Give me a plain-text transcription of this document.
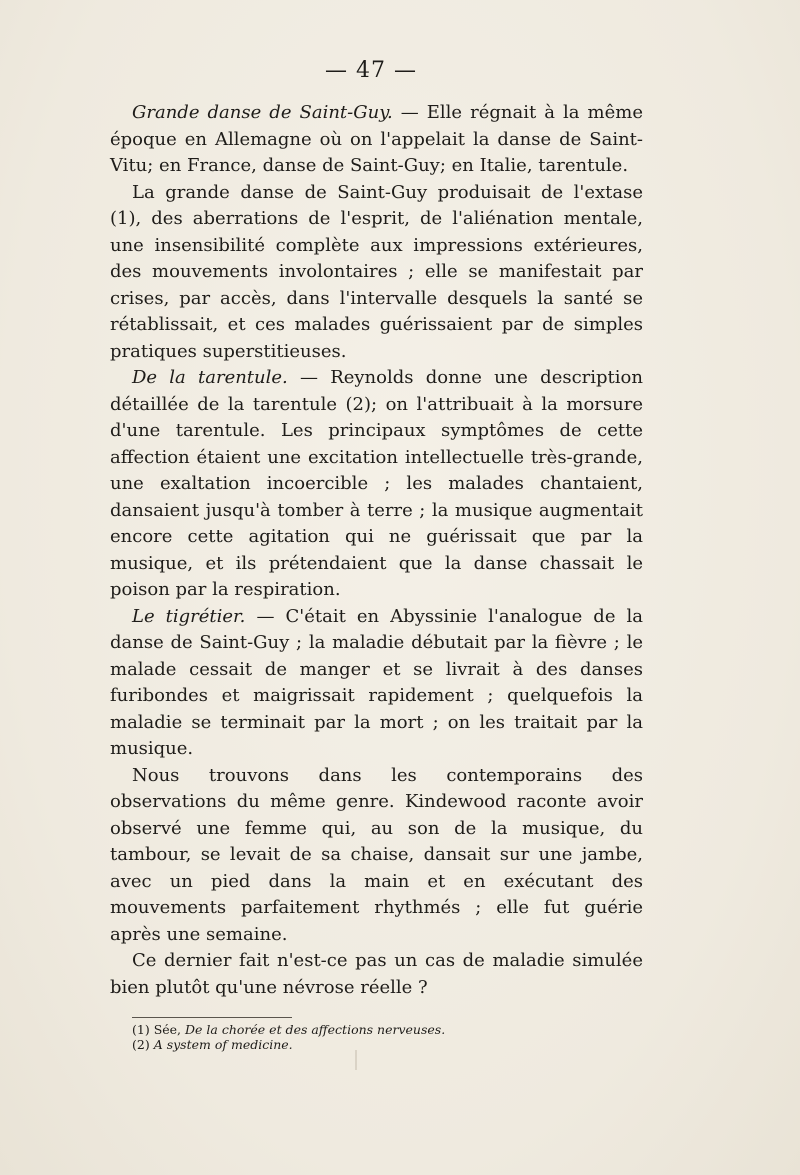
— 47 —

Grande danse de Saint-Guy. — Elle régnait à la même époque en Allemagne où on l'appelait la danse de Saint-Vitu; en France, danse de Saint-Guy; en Italie, tarentule.

La grande danse de Saint-Guy produisait de l'extase (1), des aberrations de l'esprit, de l'aliénation mentale, une insensibilité complète aux impressions extérieures, des mouvements involontaires ; elle se manifestait par crises, par accès, dans l'intervalle desquels la santé se rétablissait, et ces malades guérissaient par de simples pratiques superstitieuses.

De la tarentule. — Reynolds donne une description détaillée de la tarentule (2); on l'attribuait à la morsure d'une tarentule. Les principaux symptômes de cette affection étaient une excitation intellectuelle très-grande, une exaltation incoercible ; les malades chantaient, dansaient jusqu'à tomber à terre ; la musique augmentait encore cette agitation qui ne guérissait que par la musique, et ils prétendaient que la danse chassait le poison par la respiration.

Le tigrétier. — C'était en Abyssinie l'analogue de la danse de Saint-Guy ; la maladie débutait par la fièvre ; le malade cessait de manger et se livrait à des danses furibondes et maigrissait rapidement ; quelquefois la maladie se terminait par la mort ; on les traitait par la musique.

Nous trouvons dans les contemporains des observations du même genre. Kindewood raconte avoir observé une femme qui, au son de la musique, du tambour, se levait de sa chaise, dansait sur une jambe, avec un pied dans la main et en exécutant des mouvements parfaitement rhythmés ; elle fut guérie après une semaine.

Ce dernier fait n'est-ce pas un cas de maladie simulée bien plutôt qu'une névrose réelle ?

(1) Sée, De la chorée et des affections nerveuses.

(2) A system of medicine.
